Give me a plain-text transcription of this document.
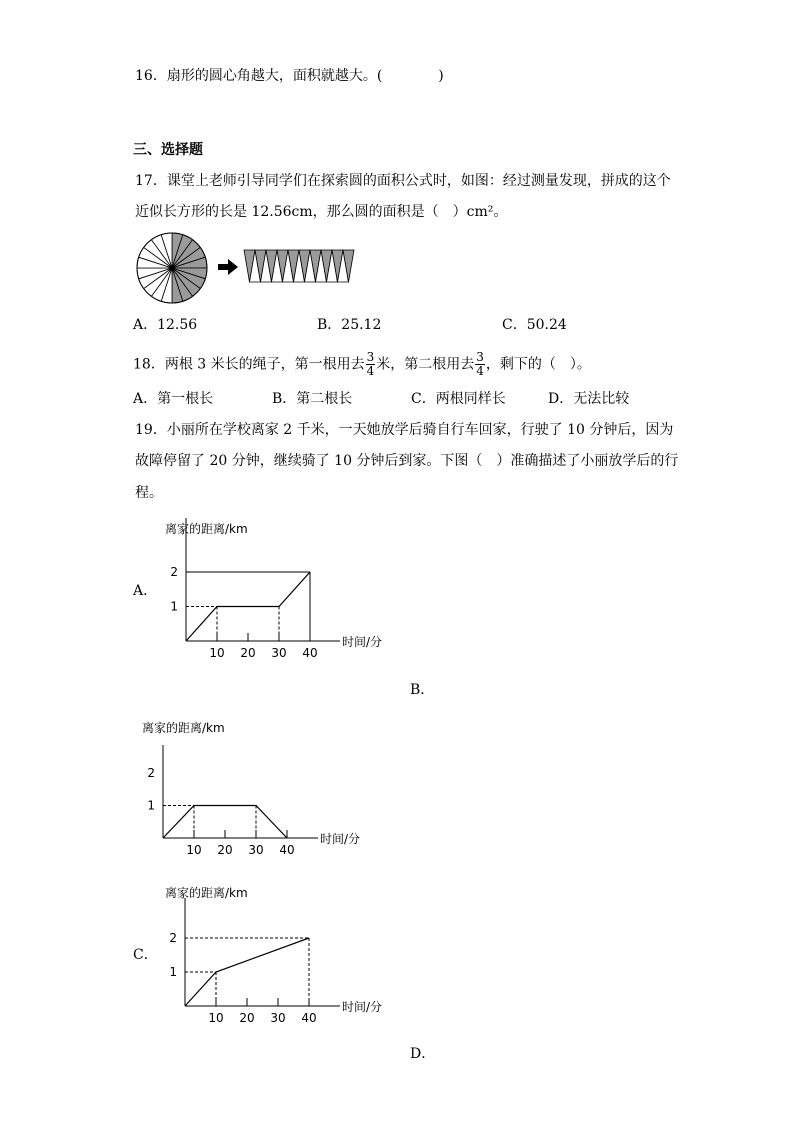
16．扇形的圆心角越大，面积就越大。(　　　　)
三、选择题
17．课堂上老师引导同学们在探索圆的面积公式时，如图：经过测量发现，拼成的这个
近似长方形的长是 12.56cm，那么圆的面积是（　）cm²。
A．12.56	B．25.12	C．50.24
18．两根 3 米长的绳子，第一根用去 $\frac{3}{4}$ 米，第二根用去 $\frac{3}{4}$ ，剩下的（　）。
A．第一根长	B．第二根长	C．两根同样长	D．无法比较
19．小丽所在学校离家 2 千米，一天她放学后骑自行车回家，行驶了 10 分钟后，因为
故障停留了 20 分钟，继续骑了 10 分钟后到家。下图（　）准确描述了小丽放学后的行
程。
A．
B．
C．
D．
离家的距离/km
时间/分
10 20 30 40
1
2
离家的距离/km
时间/分
10 20 30 40
1
2
离家的距离/km
时间/分
10 20 30 40
1
2
